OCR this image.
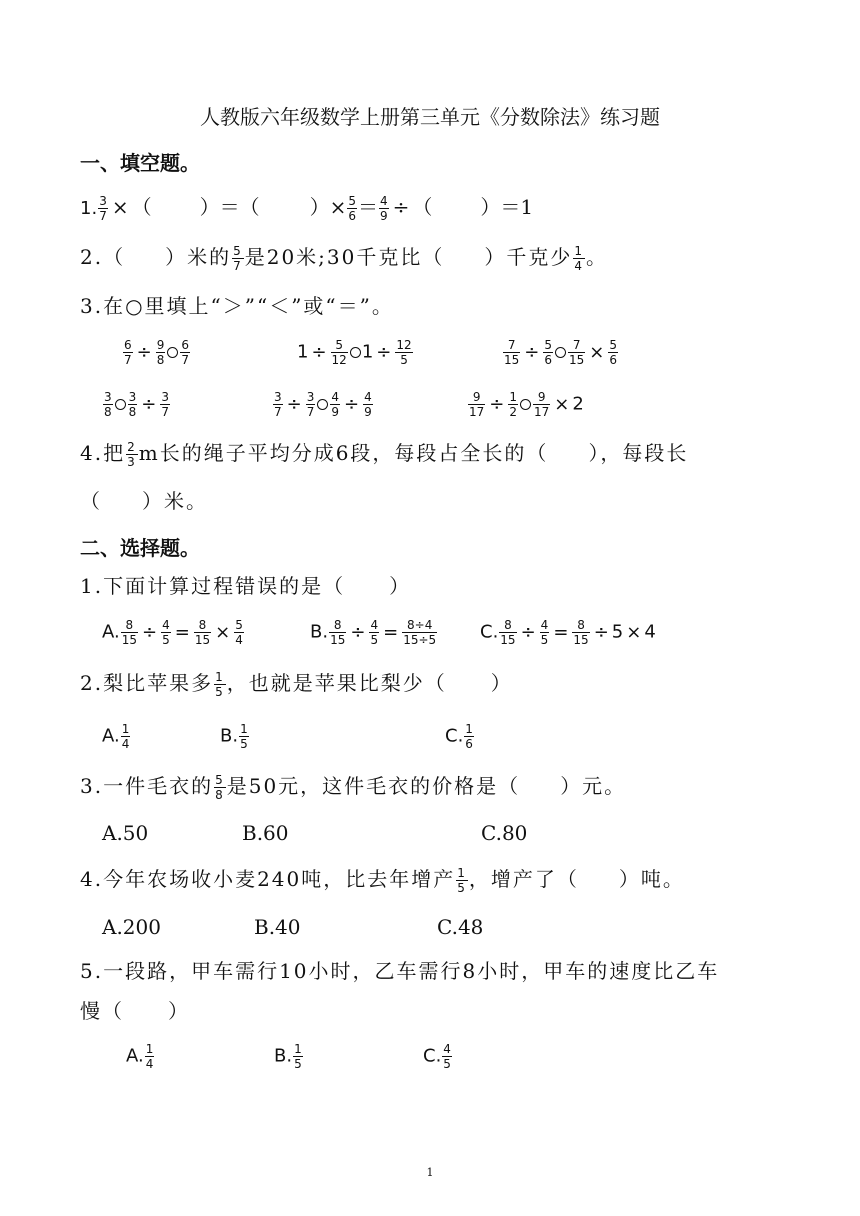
人教版六年级数学上册第三单元《分数除法》练习题
一、填空题。
1. $\frac{3}{7}$ × （ ）＝（	）× $\frac{5}{6} = \frac{4}{9}$ ÷ （ ）＝1
2.（ ）米的 $\frac{5}{7}$ 是20米;30千克比（ ）千克少 $\frac{1}{4}$ 。
3.在○里填上“＞”“＜”或“＝”。
$\frac{6}{7} \div \frac{9}{8} \frac{6}{7}$	$1 \div \frac{5}{12} 1 \div \frac{12}{5}$	$\frac{7}{15} \div \frac{5}{6} \frac{7}{15} \times \frac{5}{6}$
$\frac{3}{8} \frac{3}{8} \div \frac{3}{7}$	$\frac{3}{7} \div \frac{3}{7} \frac{4}{9} \div \frac{4}{9}$	$\frac{9}{17} \div \frac{1}{2} \frac{9}{17} \times 2$
4.把 $\frac{2}{3}$ m长的绳子平均分成6段，每段占全长的（ ），每段长
（ ）米。
二、选择题。
1.下面计算过程错误的是（ ）
A. $\frac{8}{15} \div \frac{4}{5} = \frac{8}{15} \times \frac{5}{4}$	B. $\frac{8}{15} \div \frac{4}{5} = \frac{8\div 4}{15\div 5} C$. $\frac{8}{15} \div \frac{4}{5} = \frac{8}{15} \div 5 \times 4$
2.梨比苹果多 $\frac{1}{5}$ ，也就是苹果比梨少（ ）
A. $\frac{1}{4}$	B. $\frac{1}{5}$	C. $\frac{1}{6}$
3.一件毛衣的 $\frac{5}{8}$ 是50元，这件毛衣的价格是（ ）元。
A.50	B.60	C.80
4.今年农场收小麦240吨，比去年增产 $\frac{1}{5}$ ，增产了（ ）吨。
A.200	B.40	C.48
5.一段路，甲车需行10小时，乙车需行8小时，甲车的速度比乙车
慢（ ）
A. $\frac{1}{4}$	B. $\frac{1}{5}$	C. $\frac{4}{5}$
1
